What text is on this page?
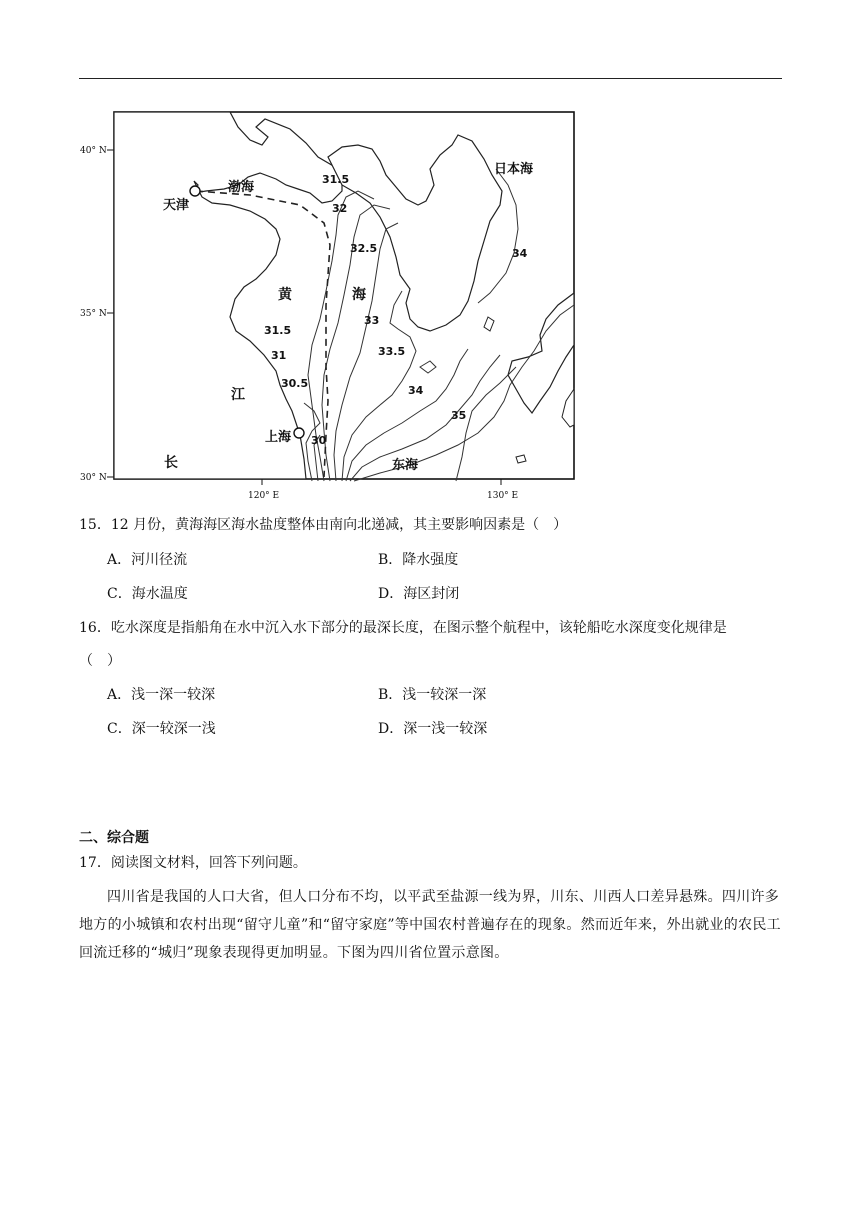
天津
渤海
日本海
黄	海
江
长
上海
东海
31.5
32
32.5
33
33.5
34
34
35
31.5
31
30.5
30
40° N
35° N
30° N
120° E	130° E
15．12 月份，黄海海区海水盐度整体由南向北递减，其主要影响因素是（　）
A．河川径流	B．降水强度
C．海水温度	D．海区封闭
16．吃水深度是指船角在水中沉入水下部分的最深长度，在图示整个航程中，该轮船吃水深度变化规律是
（　）
A．浅一深一较深	B．浅一较深一深
C．深一较深一浅	D．深一浅一较深
二、综合题
17．阅读图文材料，回答下列问题。
四川省是我国的人口大省，但人口分布不均，以平武至盐源一线为界，川东、川西人口差异悬殊。四川许多地方的小城镇和农村出现“留守儿童”和“留守家庭”等中国农村普遍存在的现象。然而近年来，外出就业的农民工回流迁移的“城归”现象表现得更加明显。下图为四川省位置示意图。
